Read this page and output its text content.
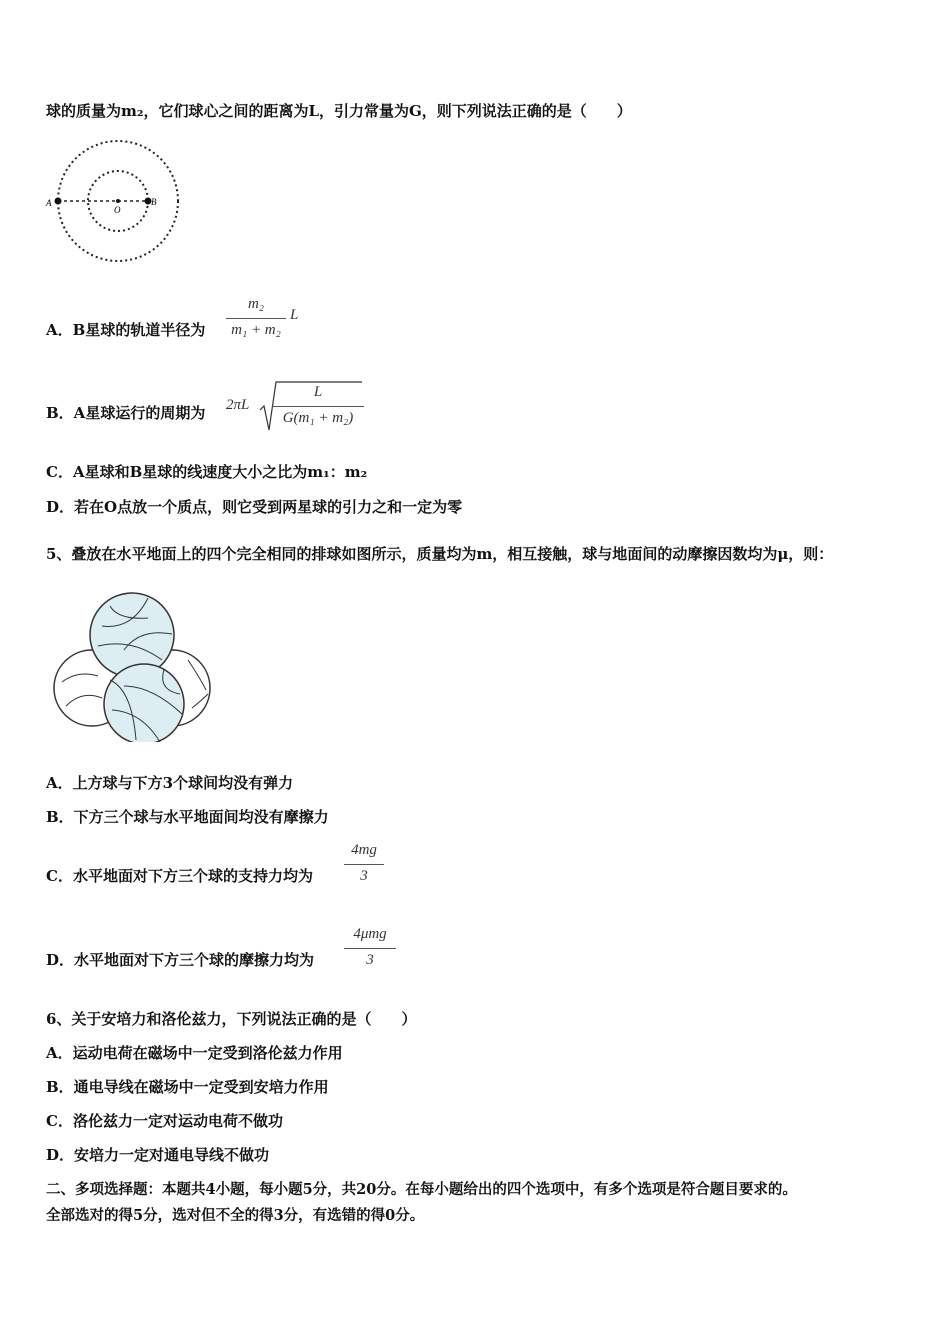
球的质量为m₂，它们球心之间的距离为L，引力常量为G，则下列说法正确的是（　　）
A
O
B
A．B星球的轨道半径为
m₂
m₁ + m₂
L
B．A星球运行的周期为 2πL
L
G(m₁ + m₂)
C．A星球和B星球的线速度大小之比为m₁：m₂
D．若在O点放一个质点，则它受到两星球的引力之和一定为零
5、叠放在水平地面上的四个完全相同的排球如图所示，质量均为m，相互接触，球与地面间的动摩擦因数均为μ，则：
A．上方球与下方3个球间均没有弹力
B．下方三个球与水平地面间均没有摩擦力
C．水平地面对下方三个球的支持力均为
4mg
3
D．水平地面对下方三个球的摩擦力均为
4μmg
3
6、关于安培力和洛伦兹力，下列说法正确的是（　　）
A．运动电荷在磁场中一定受到洛伦兹力作用
B．通电导线在磁场中一定受到安培力作用
C．洛伦兹力一定对运动电荷不做功
D．安培力一定对通电导线不做功
二、多项选择题：本题共4小题，每小题5分，共20分。在每小题给出的四个选项中，有多个选项是符合题目要求的。
全部选对的得5分，选对但不全的得3分，有选错的得0分。
